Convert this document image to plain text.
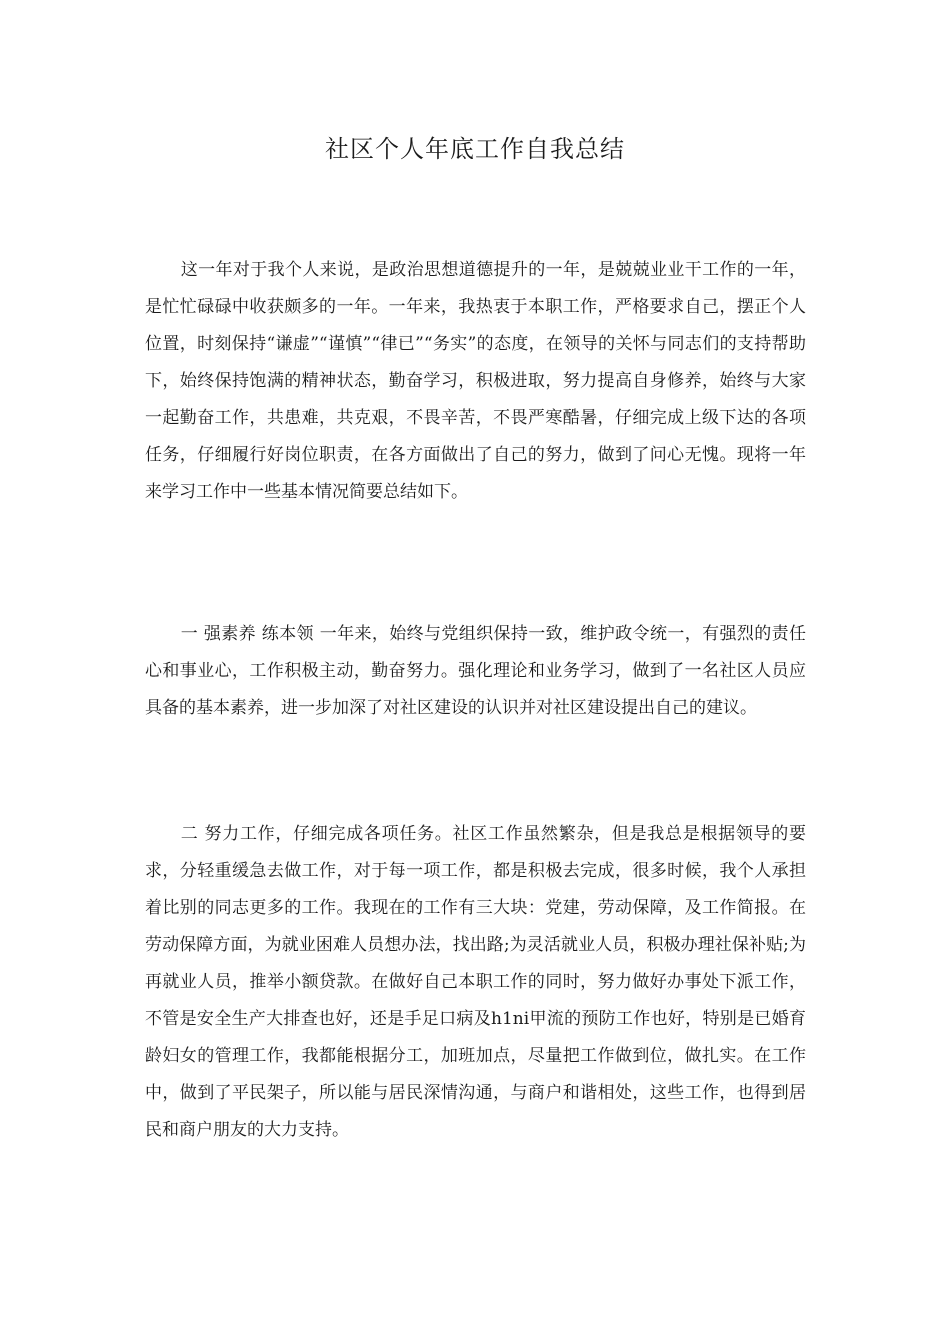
社区个人年底工作自我总结

这一年对于我个人来说，是政治思想道德提升的一年，是兢兢业业干工作的一年，是忙忙碌碌中收获颇多的一年。一年来，我热衷于本职工作，严格要求自己，摆正个人位置，时刻保持“谦虚”“谨慎”“律已”“务实”的态度，在领导的关怀与同志们的支持帮助下，始终保持饱满的精神状态，勤奋学习，积极进取，努力提高自身修养，始终与大家一起勤奋工作，共患难，共克艰，不畏辛苦，不畏严寒酷暑，仔细完成上级下达的各项任务，仔细履行好岗位职责，在各方面做出了自己的努力，做到了问心无愧。现将一年来学习工作中一些基本情况简要总结如下。

一 强素养 练本领 一年来，始终与党组织保持一致，维护政令统一，有强烈的责任心和事业心，工作积极主动，勤奋努力。强化理论和业务学习，做到了一名社区人员应具备的基本素养，进一步加深了对社区建设的认识并对社区建设提出自己的建议。

二 努力工作，仔细完成各项任务。社区工作虽然繁杂，但是我总是根据领导的要求，分轻重缓急去做工作，对于每一项工作，都是积极去完成，很多时候，我个人承担着比别的同志更多的工作。我现在的工作有三大块：党建，劳动保障，及工作简报。在劳动保障方面，为就业困难人员想办法，找出路;为灵活就业人员，积极办理社保补贴;为再就业人员，推举小额贷款。在做好自己本职工作的同时，努力做好办事处下派工作，不管是安全生产大排查也好，还是手足口病及h1ni甲流的预防工作也好，特别是已婚育龄妇女的管理工作，我都能根据分工，加班加点，尽量把工作做到位，做扎实。在工作中，做到了平民架子，所以能与居民深情沟通，与商户和谐相处，这些工作，也得到居民和商户朋友的大力支持。
